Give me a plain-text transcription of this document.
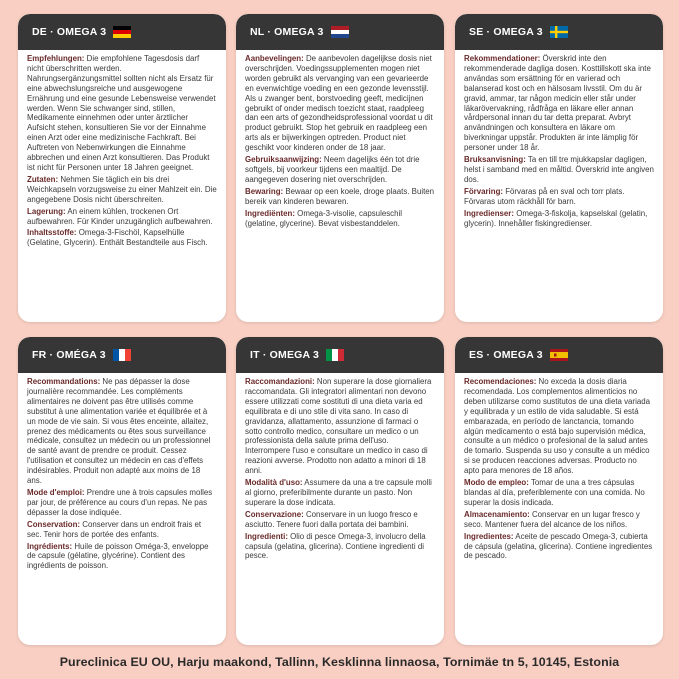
DE · OMEGA 3

Empfehlungen: Die empfohlene Tagesdosis darf nicht überschritten werden. Nahrungsergänzungsmittel sollten nicht als Ersatz für eine abwechslungsreiche und ausgewogene Ernährung und eine gesunde Lebensweise verwendet werden. Wenn Sie schwanger sind, stillen, Medikamente einnehmen oder unter ärztlicher Aufsicht stehen, konsultieren Sie vor der Einnahme einen Arzt oder eine medizinische Fachkraft. Bei Auftreten von Nebenwirkungen die Einnahme abbrechen und einen Arzt konsultieren. Das Produkt ist nicht für Personen unter 18 Jahren geeignet.

Zutaten: Nehmen Sie täglich ein bis drei Weichkapseln vorzugsweise zu einer Mahlzeit ein. Die angegebene Dosis nicht überschreiten.

Lagerung: An einem kühlen, trockenen Ort aufbewahren. Für Kinder unzugänglich aufbewahren.

Inhaltsstoffe: Omega-3-Fischöl, Kapselhülle (Gelatine, Glycerin). Enthält Bestandteile aus Fisch.

NL · OMEGA 3

Aanbevelingen: De aanbevolen dagelijkse dosis niet overschrijden. Voedingssupplementen mogen niet worden gebruikt als vervanging van een gevarieerde en evenwichtige voeding en een gezonde levensstijl. Als u zwanger bent, borstvoeding geeft, medicijnen gebruikt of onder medisch toezicht staat, raadpleeg dan een arts of gezondheidsprofessional voordat u dit product gebruikt. Stop het gebruik en raadpleeg een arts als er bijwerkingen optreden. Product niet geschikt voor kinderen onder de 18 jaar.

Gebruiksaanwijzing: Neem dagelijks één tot drie softgels, bij voorkeur tijdens een maaltijd. De aangegeven dosering niet overschrijden.

Bewaring: Bewaar op een koele, droge plaats. Buiten bereik van kinderen bewaren.

Ingrediënten: Omega-3-visolie, capsuleschil (gelatine, glycerine). Bevat visbestanddelen.

SE · OMEGA 3

Rekommendationer: Överskrid inte den rekommenderade dagliga dosen. Kosttillskott ska inte användas som ersättning för en varierad och balanserad kost och en hälsosam livsstil. Om du är gravid, ammar, tar någon medicin eller står under läkarövervakning, rådfråga en läkare eller annan vårdpersonal innan du tar detta preparat. Avbryt användningen och konsultera en läkare om biverkningar uppstår. Produkten är inte lämplig för personer under 18 år.

Bruksanvisning: Ta en till tre mjukkapslar dagligen, helst i samband med en måltid. Överskrid inte angiven dos.

Förvaring: Förvaras på en sval och torr plats. Förvaras utom räckhåll för barn.

Ingredienser: Omega-3-fiskolja, kapselskal (gelatin, glycerin). Innehåller fiskingredienser.

FR · OMÉGA 3

Recommandations: Ne pas dépasser la dose journalière recommandée. Les compléments alimentaires ne doivent pas être utilisés comme substitut à une alimentation variée et équilibrée et à un mode de vie sain. Si vous êtes enceinte, allaitez, prenez des médicaments ou êtes sous surveillance médicale, consultez un médecin ou un professionnel de santé avant de prendre ce produit. Cessez l'utilisation et consultez un médecin en cas d'effets indésirables. Produit non adapté aux moins de 18 ans.

Mode d'emploi: Prendre une à trois capsules molles par jour, de préférence au cours d'un repas. Ne pas dépasser la dose indiquée.

Conservation: Conserver dans un endroit frais et sec. Tenir hors de portée des enfants.

Ingrédients: Huile de poisson Oméga-3, enveloppe de capsule (gélatine, glycérine). Contient des ingrédients de poisson.

IT · OMEGA 3

Raccomandazioni: Non superare la dose giornaliera raccomandata. Gli integratori alimentari non devono essere utilizzati come sostituti di una dieta varia ed equilibrata e di uno stile di vita sano. In caso di gravidanza, allattamento, assunzione di farmaci o sotto controllo medico, consultare un medico o un professionista della salute prima dell'uso. Interrompere l'uso e consultare un medico in caso di reazioni avverse. Prodotto non adatto a minori di 18 anni.

Modalità d'uso: Assumere da una a tre capsule molli al giorno, preferibilmente durante un pasto. Non superare la dose indicata.

Conservazione: Conservare in un luogo fresco e asciutto. Tenere fuori dalla portata dei bambini.

Ingredienti: Olio di pesce Omega-3, involucro della capsula (gelatina, glicerina). Contiene ingredienti di pesce.

ES · OMEGA 3

Recomendaciones: No exceda la dosis diaria recomendada. Los complementos alimenticios no deben utilizarse como sustitutos de una dieta variada y equilibrada y un estilo de vida saludable. Si está embarazada, en período de lanctancia, tomando algún medicamento o está bajo supervisión médica, consulte a un médico o profesional de la salud antes de tomarlo. Suspenda su uso y consulte a un médico si se producen reacciones adversas. Producto no apto para menores de 18 años.

Modo de empleo: Tomar de una a tres cápsulas blandas al día, preferiblemente con una comida. No superar la dosis indicada.

Almacenamiento: Conservar en un lugar fresco y seco. Mantener fuera del alcance de los niños.

Ingredientes: Aceite de pescado Omega-3, cubierta de cápsula (gelatina, glicerina). Contiene ingredientes de pescado.

Pureclinica EU OU, Harju maakond, Tallinn, Kesklinna linnaosa, Tornimäe tn 5, 10145, Estonia
